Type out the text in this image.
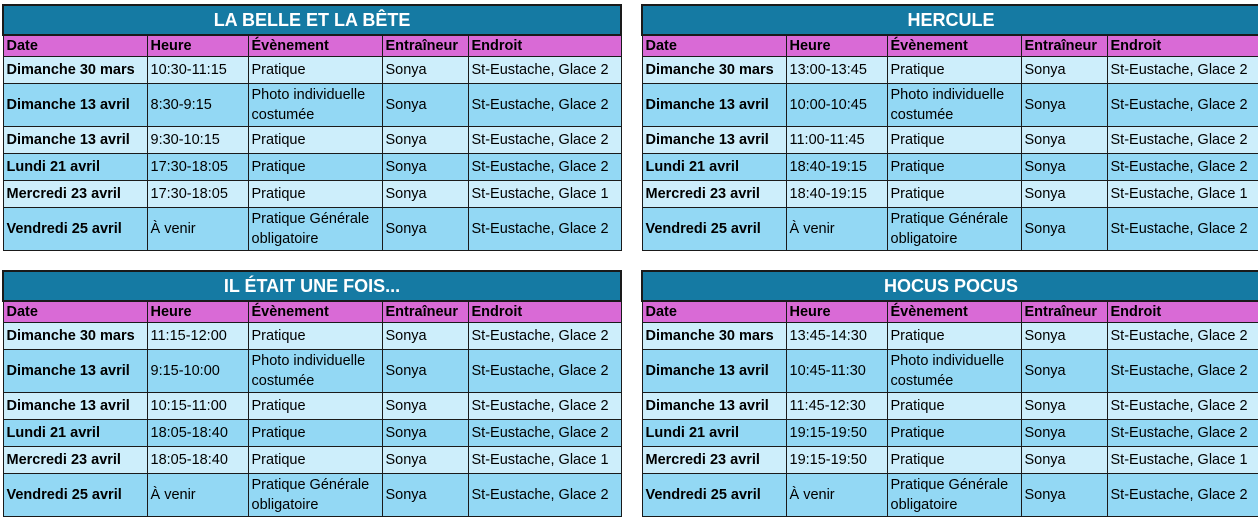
LA BELLE ET LA BÊTE				
Date	Heure	Évènement	Entraîneur	Endroit
Dimanche 30 mars	10:30-11:15	Pratique	Sonya	St-Eustache, Glace 2
Dimanche 13 avril	8:30-9:15	Photo individuelle costumée	Sonya	St-Eustache, Glace 2
Dimanche 13 avril	9:30-10:15	Pratique	Sonya	St-Eustache, Glace 2
Lundi 21 avril	17:30-18:05	Pratique	Sonya	St-Eustache, Glace 2
Mercredi 23 avril	17:30-18:05	Pratique	Sonya	St-Eustache, Glace 1
Vendredi 25 avril	À venir	Pratique Générale obligatoire	Sonya	St-Eustache, Glace 2
HERCULE				
Date	Heure	Évènement	Entraîneur	Endroit
Dimanche 30 mars	13:00-13:45	Pratique	Sonya	St-Eustache, Glace 2
Dimanche 13 avril	10:00-10:45	Photo individuelle costumée	Sonya	St-Eustache, Glace 2
Dimanche 13 avril	11:00-11:45	Pratique	Sonya	St-Eustache, Glace 2
Lundi 21 avril	18:40-19:15	Pratique	Sonya	St-Eustache, Glace 2
Mercredi 23 avril	18:40-19:15	Pratique	Sonya	St-Eustache, Glace 1
Vendredi 25 avril	À venir	Pratique Générale obligatoire	Sonya	St-Eustache, Glace 2
IL ÉTAIT UNE FOIS...				
Date	Heure	Évènement	Entraîneur	Endroit
Dimanche 30 mars	11:15-12:00	Pratique	Sonya	St-Eustache, Glace 2
Dimanche 13 avril	9:15-10:00	Photo individuelle costumée	Sonya	St-Eustache, Glace 2
Dimanche 13 avril	10:15-11:00	Pratique	Sonya	St-Eustache, Glace 2
Lundi 21 avril	18:05-18:40	Pratique	Sonya	St-Eustache, Glace 2
Mercredi 23 avril	18:05-18:40	Pratique	Sonya	St-Eustache, Glace 1
Vendredi 25 avril	À venir	Pratique Générale obligatoire	Sonya	St-Eustache, Glace 2
HOCUS POCUS				
Date	Heure	Évènement	Entraîneur	Endroit
Dimanche 30 mars	13:45-14:30	Pratique	Sonya	St-Eustache, Glace 2
Dimanche 13 avril	10:45-11:30	Photo individuelle costumée	Sonya	St-Eustache, Glace 2
Dimanche 13 avril	11:45-12:30	Pratique	Sonya	St-Eustache, Glace 2
Lundi 21 avril	19:15-19:50	Pratique	Sonya	St-Eustache, Glace 2
Mercredi 23 avril	19:15-19:50	Pratique	Sonya	St-Eustache, Glace 1
Vendredi 25 avril	À venir	Pratique Générale obligatoire	Sonya	St-Eustache, Glace 2
